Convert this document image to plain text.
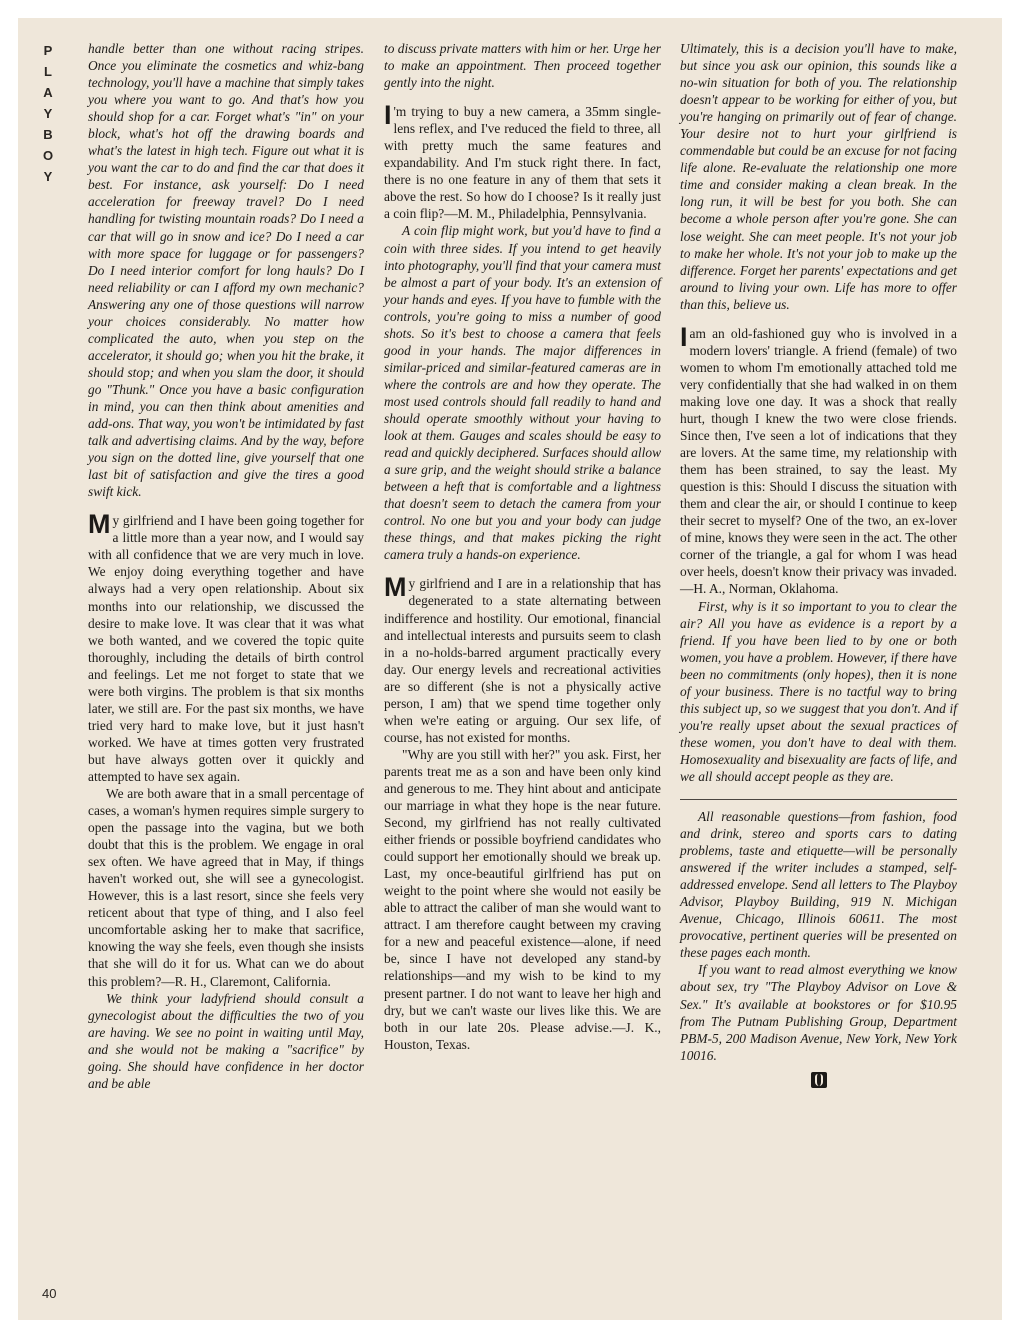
P
L
A
Y
B
O
Y
40

handle better than one without racing stripes. Once you eliminate the cosmetics and whiz-bang technology, you'll have a machine that simply takes you where you want to go. And that's how you should shop for a car. Forget what's "in" on your block, what's hot off the drawing boards and what's the latest in high tech. Figure out what it is you want the car to do and find the car that does it best. For instance, ask yourself: Do I need acceleration for freeway travel? Do I need handling for twisting mountain roads? Do I need a car that will go in snow and ice? Do I need a car with more space for luggage or for passengers? Do I need interior comfort for long hauls? Do I need reliability or can I afford my own mechanic? Answering any one of those questions will narrow your choices considerably. No matter how complicated the auto, when you step on the accelerator, it should go; when you hit the brake, it should stop; and when you slam the door, it should go "Thunk." Once you have a basic configuration in mind, you can then think about amenities and add-ons. That way, you won't be intimidated by fast talk and advertising claims. And by the way, before you sign on the dotted line, give yourself that one last bit of satisfaction and give the tires a good swift kick.

My girlfriend and I have been going together for a little more than a year now, and I would say with all confidence that we are very much in love. We enjoy doing everything together and have always had a very open relationship. About six months into our relationship, we discussed the desire to make love. It was clear that it was what we both wanted, and we covered the topic quite thoroughly, including the details of birth control and feelings. Let me not forget to state that we were both virgins. The problem is that six months later, we still are. For the past six months, we have tried very hard to make love, but it just hasn't worked. We have at times gotten very frustrated but have always gotten over it quickly and attempted to have sex again.

We are both aware that in a small percentage of cases, a woman's hymen requires simple surgery to open the passage into the vagina, but we both doubt that this is the problem. We engage in oral sex often. We have agreed that in May, if things haven't worked out, she will see a gynecologist. However, this is a last resort, since she feels very reticent about that type of thing, and I also feel uncomfortable asking her to make that sacrifice, knowing the way she feels, even though she insists that she will do it for us. What can we do about this problem?—R. H., Claremont, California.

We think your ladyfriend should consult a gynecologist about the difficulties the two of you are having. We see no point in waiting until May, and she would not be making a "sacrifice" by going. She should have confidence in her doctor and be able

to discuss private matters with him or her. Urge her to make an appointment. Then proceed together gently into the night.

I 'm trying to buy a new camera, a 35mm single-lens reflex, and I've reduced the field to three, all with pretty much the same features and expandability. And I'm stuck right there. In fact, there is no one feature in any of them that sets it above the rest. So how do I choose? Is it really just a coin flip?—M. M., Philadelphia, Pennsylvania.

A coin flip might work, but you'd have to find a coin with three sides. If you intend to get heavily into photography, you'll find that your camera must be almost a part of your body. It's an extension of your hands and eyes. If you have to fumble with the controls, you're going to miss a number of good shots. So it's best to choose a camera that feels good in your hands. The major differences in similar-priced and similar-featured cameras are in where the controls are and how they operate. The most used controls should fall readily to hand and should operate smoothly without your having to look at them. Gauges and scales should be easy to read and quickly deciphered. Surfaces should allow a sure grip, and the weight should strike a balance between a heft that is comfortable and a lightness that doesn't seem to detach the camera from your control. No one but you and your body can judge these things, and that makes picking the right camera truly a hands-on experience.

My girlfriend and I are in a relationship that has degenerated to a state alternating between indifference and hostility. Our emotional, financial and intellectual interests and pursuits seem to clash in a no-holds-barred argument practically every day. Our energy levels and recreational activities are so different (she is not a physically active person, I am) that we spend time together only when we're eating or arguing. Our sex life, of course, has not existed for months.

"Why are you still with her?" you ask. First, her parents treat me as a son and have been only kind and generous to me. They hint about and anticipate our marriage in what they hope is the near future. Second, my girlfriend has not really cultivated either friends or possible boyfriend candidates who could support her emotionally should we break up. Last, my once-beautiful girlfriend has put on weight to the point where she would not easily be able to attract the caliber of man she would want to attract. I am therefore caught between my craving for a new and peaceful existence—alone, if need be, since I have not developed any stand-by relationships—and my wish to be kind to my present partner. I do not want to leave her high and dry, but we can't waste our lives like this. We are both in our late 20s. Please advise.—J. K., Houston, Texas.

Ultimately, this is a decision you'll have to make, but since you ask our opinion, this sounds like a no-win situation for both of you. The relationship doesn't appear to be working for either of you, but you're hanging on primarily out of fear of change. Your desire not to hurt your girlfriend is commendable but could be an excuse for not facing life alone. Re-evaluate the relationship one more time and consider making a clean break. In the long run, it will be best for you both. She can become a whole person after you're gone. She can lose weight. She can meet people. It's not your job to make her whole. It's not your job to make up the difference. Forget her parents' expectations and get around to living your own. Life has more to offer than this, believe us.

I am an old-fashioned guy who is involved in a modern lovers' triangle. A friend (female) of two women to whom I'm emotionally attached told me very confidentially that she had walked in on them making love one day. It was a shock that really hurt, though I knew the two were close friends. Since then, I've seen a lot of indications that they are lovers. At the same time, my relationship with them has been strained, to say the least. My question is this: Should I discuss the situation with them and clear the air, or should I continue to keep their secret to myself? One of the two, an ex-lover of mine, knows they were seen in the act. The other corner of the triangle, a gal for whom I was head over heels, doesn't know their privacy was invaded.—H. A., Norman, Oklahoma.

First, why is it so important to you to clear the air? All you have as evidence is a report by a friend. If you have been lied to by one or both women, you have a problem. However, if there have been no commitments (only hopes), then it is none of your business. There is no tactful way to bring this subject up, so we suggest that you don't. And if you're really upset about the sexual practices of these women, you don't have to deal with them. Homosexuality and bisexuality are facts of life, and we all should accept people as they are.

All reasonable questions—from fashion, food and drink, stereo and sports cars to dating problems, taste and etiquette—will be personally answered if the writer includes a stamped, self-addressed envelope. Send all letters to The Playboy Advisor, Playboy Building, 919 N. Michigan Avenue, Chicago, Illinois 60611. The most provocative, pertinent queries will be presented on these pages each month.

If you want to read almost everything we know about sex, try "The Playboy Advisor on Love & Sex." It's available at bookstores or for $10.95 from The Putnam Publishing Group, Department PBM-5, 200 Madison Avenue, New York, New York 10016.
